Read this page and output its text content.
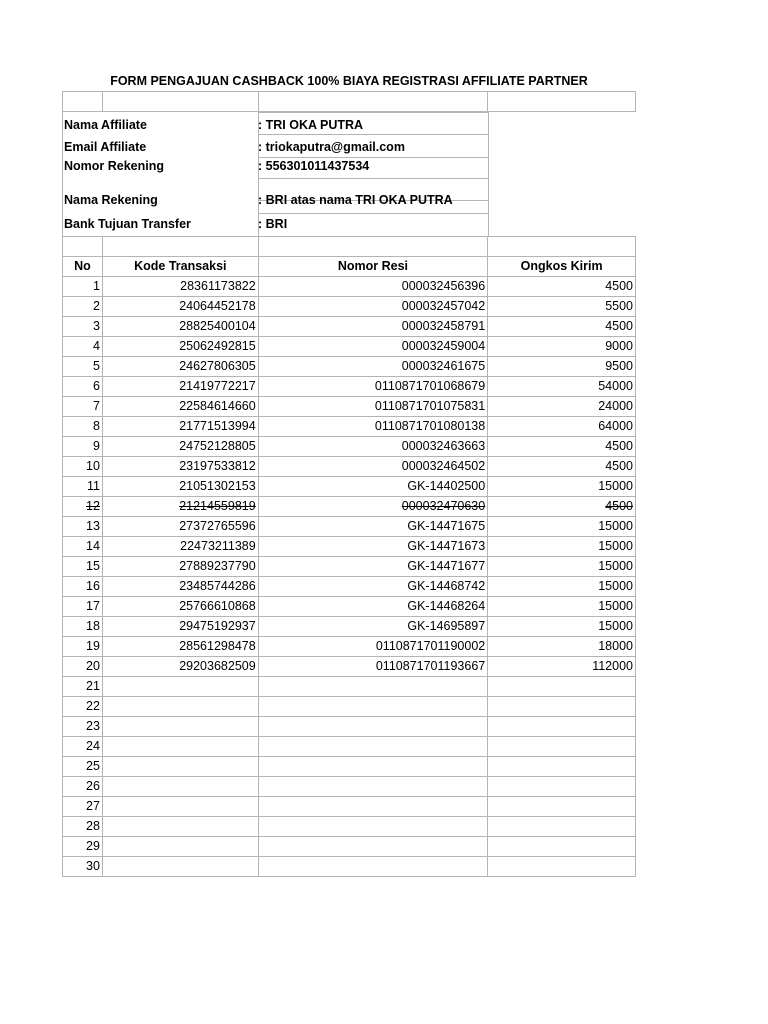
FORM PENGAJUAN CASHBACK 100% BIAYA REGISTRASI AFFILIATE PARTNER

Nama Affiliate	: TRI OKA PUTRA
Email Affiliate	: triokaputra@gmail.com
Nomor Rekening	: 556301011437534
Nama Rekening	: BRI atas nama TRI OKA PUTRA
Bank Tujuan Transfer	: BRI

No	Kode Transaksi	Nomor Resi	Ongkos Kirim
1	28361173822	000032456396	4500
2	24064452178	000032457042	5500
3	28825400104	000032458791	4500
4	25062492815	000032459004	9000
5	24627806305	000032461675	9500
6	21419772217	0110871701068679	54000
7	22584614660	0110871701075831	24000
8	21771513994	0110871701080138	64000
9	24752128805	000032463663	4500
10	23197533812	000032464502	4500
11	21051302153	GK-14402500	15000
12	21214559819	000032470630	4500
13	27372765596	GK-14471675	15000
14	22473211389	GK-14471673	15000
15	27889237790	GK-14471677	15000
16	23485744286	GK-14468742	15000
17	25766610868	GK-14468264	15000
18	29475192937	GK-14695897	15000
19	28561298478	0110871701190002	18000
20	29203682509	0110871701193667	112000
21			
22			
23			
24			
25			
26			
27			
28			
29			
30			
